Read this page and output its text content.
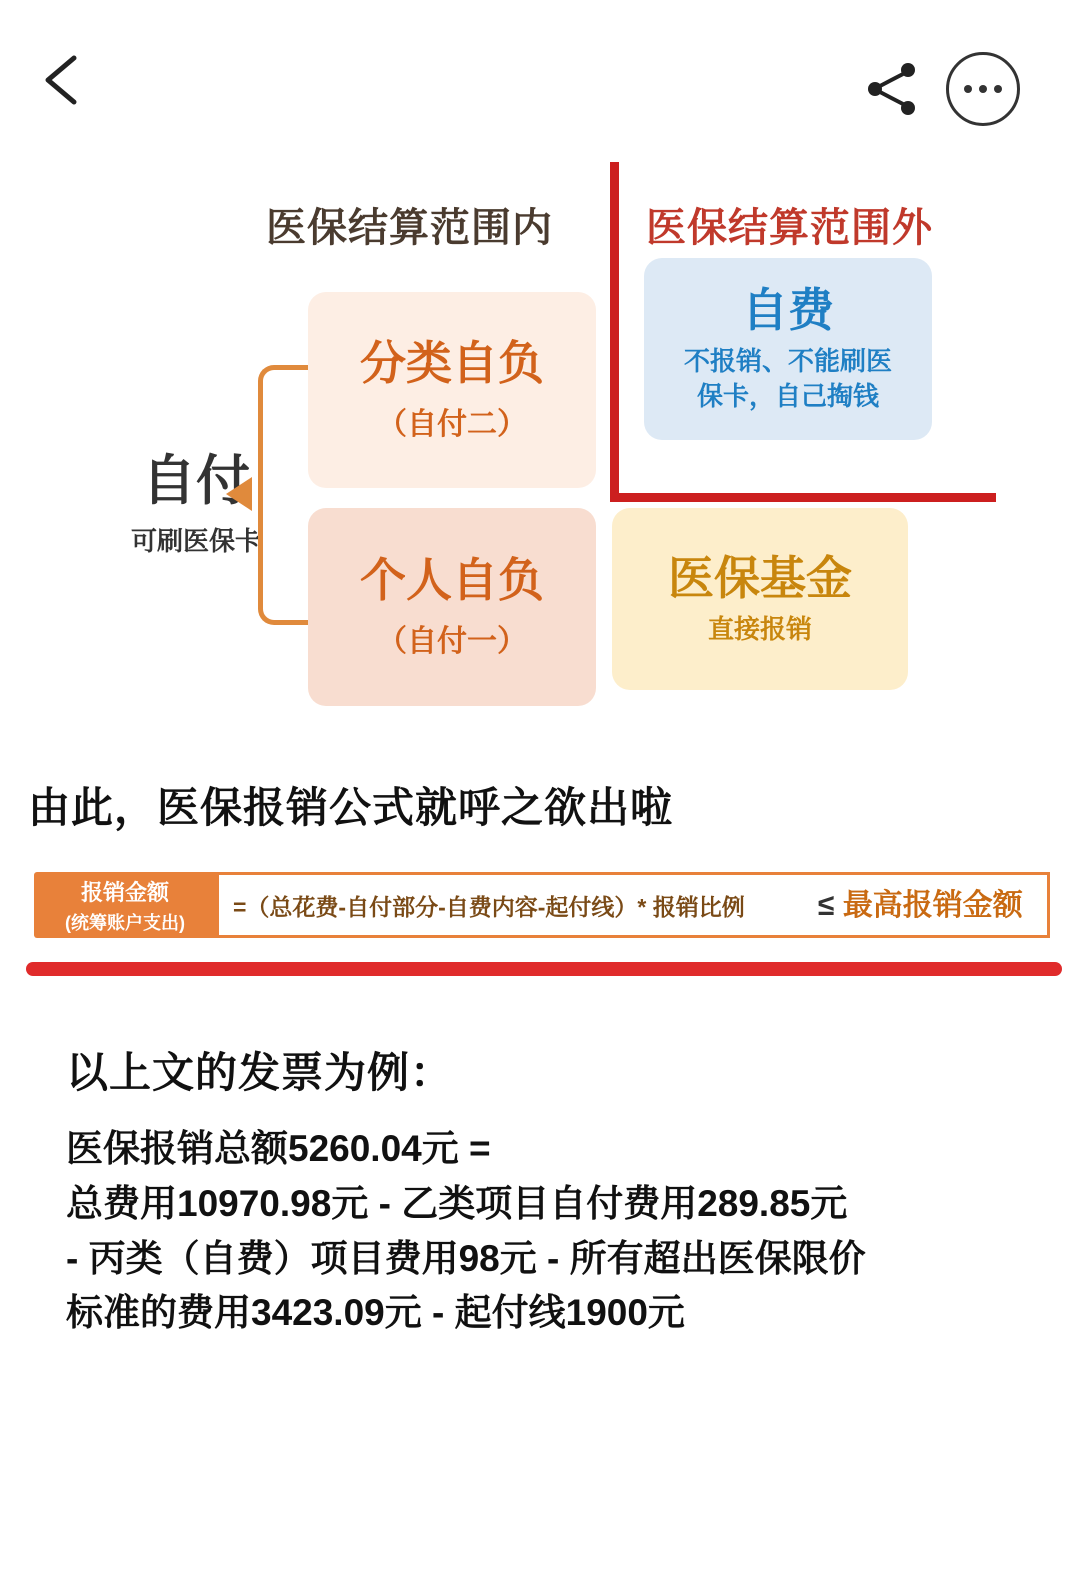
医保结算范围内 医保结算范围外
自付
可刷医保卡
分类自负
（自付二）
个人自负
（自付一）
自费
不报销、不能刷医
保卡，自己掏钱
医保基金
直接报销
由此，医保报销公式就呼之欲出啦
报销金额
(统筹账户支出)
=（总花费-自付部分-自费内容-起付线）* 报销比例	≤ 最高报销金额
以上文的发票为例：
医保报销总额5260.04元 =
总费用10970.98元 - 乙类项目自付费用289.85元
- 丙类（自费）项目费用98元 - 所有超出医保限价
标准的费用3423.09元 - 起付线1900元
